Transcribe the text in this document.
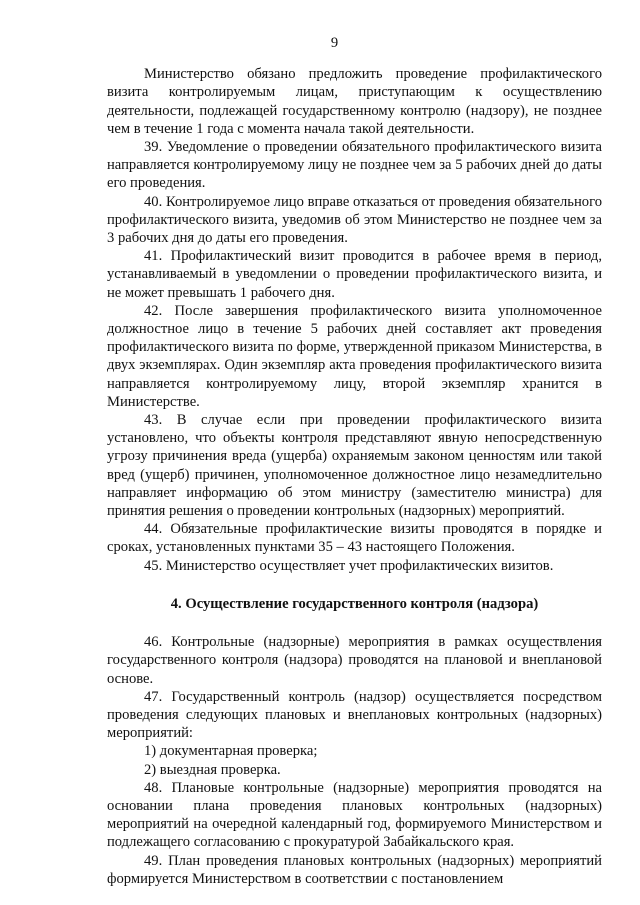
9

Министерство обязано предложить проведение профилактического визита контролируемым лицам, приступающим к осуществлению деятельности, подлежащей государственному контролю (надзору), не позднее чем в течение 1 года с момента начала такой деятельности.

39. Уведомление о проведении обязательного профилактического визита направляется контролируемому лицу не позднее чем за 5 рабочих дней до даты его проведения.

40. Контролируемое лицо вправе отказаться от проведения обязательного профилактического визита, уведомив об этом Министерство не позднее чем за 3 рабочих дня до даты его проведения.

41. Профилактический визит проводится в рабочее время в период, устанавливаемый в уведомлении о проведении профилактического визита, и не может превышать 1 рабочего дня.

42. После завершения профилактического визита уполномоченное должностное лицо в течение 5 рабочих дней составляет акт проведения профилактического визита по форме, утвержденной приказом Министерства, в двух экземплярах. Один экземпляр акта проведения профилактического визита направляется контролируемому лицу, второй экземпляр хранится в Министерстве.

43. В случае если при проведении профилактического визита установлено, что объекты контроля представляют явную непосредственную угрозу причинения вреда (ущерба) охраняемым законом ценностям или такой вред (ущерб) причинен, уполномоченное должностное лицо незамедлительно направляет информацию об этом министру (заместителю министра) для принятия решения о проведении контрольных (надзорных) мероприятий.

44. Обязательные профилактические визиты проводятся в порядке и сроках, установленных пунктами 35 – 43 настоящего Положения.

45. Министерство осуществляет учет профилактических визитов.

4. Осуществление государственного контроля (надзора)

46. Контрольные (надзорные) мероприятия в рамках осуществления государственного контроля (надзора) проводятся на плановой и внеплановой основе.

47. Государственный контроль (надзор) осуществляется посредством проведения следующих плановых и внеплановых контрольных (надзорных) мероприятий:

1) документарная проверка;
2) выездная проверка.

48. Плановые контрольные (надзорные) мероприятия проводятся на основании плана проведения плановых контрольных (надзорных) мероприятий на очередной календарный год, формируемого Министерством и подлежащего согласованию с прокуратурой Забайкальского края.

49. План проведения плановых контрольных (надзорных) мероприятий формируется Министерством в соответствии с постановлением
